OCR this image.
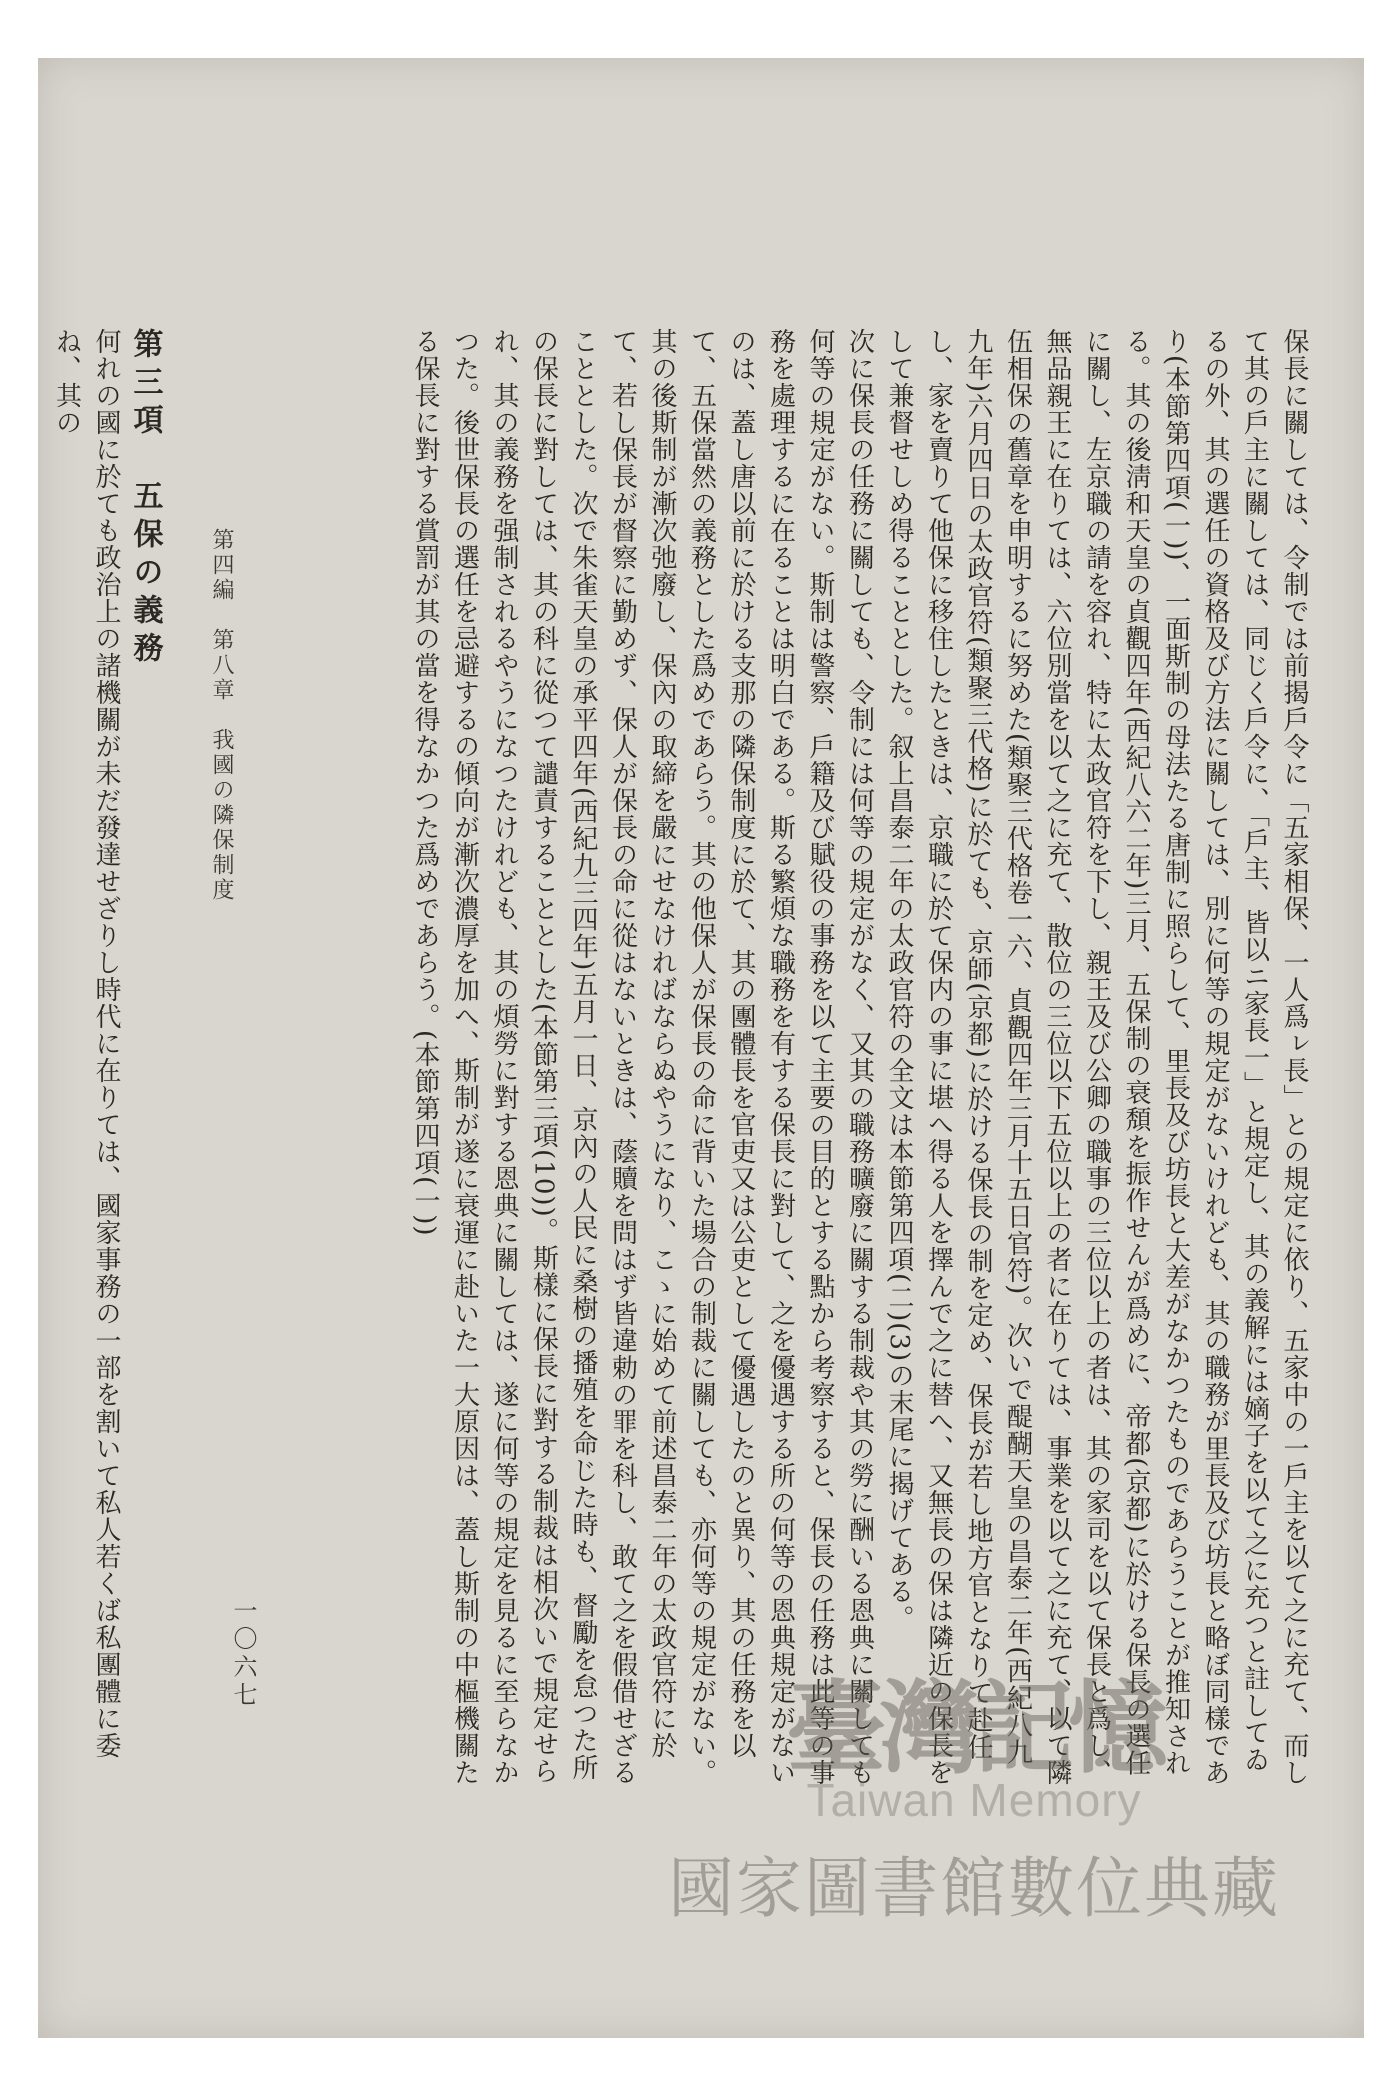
保長に關しては、令制では前揭戶令に「五家相保、一人爲ㇾ長」との規定に依り、五家中の一戶主を以て之に充て、而して其の戶主に關しては、同じく戶令に、「戶主、皆以ニ家長一」と規定し、其の義解には嫡子を以て之に充つと註してゐるの外、其の選任の資格及び方法に關しては、別に何等の規定がないけれども、其の職務が里長及び坊長と略ぼ同樣であり(本節第四項(一))、一面斯制の母法たる唐制に照らして、里長及び坊長と大差がなかつたものであらうことが推知される。其の後淸和天皇の貞觀四年(西紀八六二年)三月、五保制の衰頽を振作せんが爲めに、帝都(京都)に於ける保長の選任に關し、左京職の請を容れ、特に太政官符を下し、親王及び公卿の職事の三位以上の者は、其の家司を以て保長と爲し、無品親王に在りては、六位別當を以て之に充て、散位の三位以下五位以上の者に在りては、事業を以て之に充て、以て隣伍相保の舊章を申明するに努めた(類聚三代格卷一六、貞觀四年三月十五日官符)。次いで醍醐天皇の昌泰二年(西紀八九九年)六月四日の太政官符(類聚三代格)に於ても、京師(京都)に於ける保長の制を定め、保長が若し地方官となりて赴任し、家を賣りて他保に移住したときは、京職に於て保内の事に堪へ得る人を擇んで之に替へ、又無長の保は隣近の保長をして兼督せしめ得ることとした。叙上昌泰二年の太政官符の全文は本節第四項(二)(3)の末尾に揭げてある。

次に保長の任務に關しても、令制には何等の規定がなく、又其の職務曠廢に關する制裁や其の勞に酬いる恩典に關しても何等の規定がない。斯制は警察、戶籍及び賦役の事務を以て主要の目的とする點から考察すると、保長の任務は此等の事務を處理するに在ることは明白である。斯る繁煩な職務を有する保長に對して、之を優遇する所の何等の恩典規定がないのは、蓋し唐以前に於ける支那の隣保制度に於て、其の團體長を官吏又は公吏として優遇したのと異り、其の任務を以て、五保當然の義務とした爲めであらう。其の他保人が保長の命に背いた場合の制裁に關しても、亦何等の規定がない。其の後斯制が漸次弛廢し、保內の取締を嚴にせなければならぬやうになり、こゝに始めて前述昌泰二年の太政官符に於て、若し保長が督察に勤めず、保人が保長の命に從はないときは、蔭贖を問はず皆違勅の罪を科し、敢て之を假借せざることとした。次で朱雀天皇の承平四年(西紀九三四年)五月一日、京內の人民に桑樹の播殖を命じた時も、督勵を怠つた所の保長に對しては、其の科に從つて譴責することとした(本節第三項(10))。斯樣に保長に對する制裁は相次いで規定せられ、其の義務を强制されるやうになつたけれども、其の煩勞に對する恩典に關しては、遂に何等の規定を見るに至らなかつた。後世保長の選任を忌避するの傾向が漸次濃厚を加へ、斯制が遂に衰運に赴いた一大原因は、蓋し斯制の中樞機關たる保長に對する賞罰が其の當を得なかつた爲めであらう。(本節第四項(一))

第三項　五保の義務

何れの國に於ても政治上の諸機關が未だ發達せざりし時代に在りては、國家事務の一部を割いて私人若くば私團體に委ね、其の

第四編　第八章　我國の隣保制度
一〇六七
臺灣記憶
Taiwan Memory
國家圖書館數位典藏
